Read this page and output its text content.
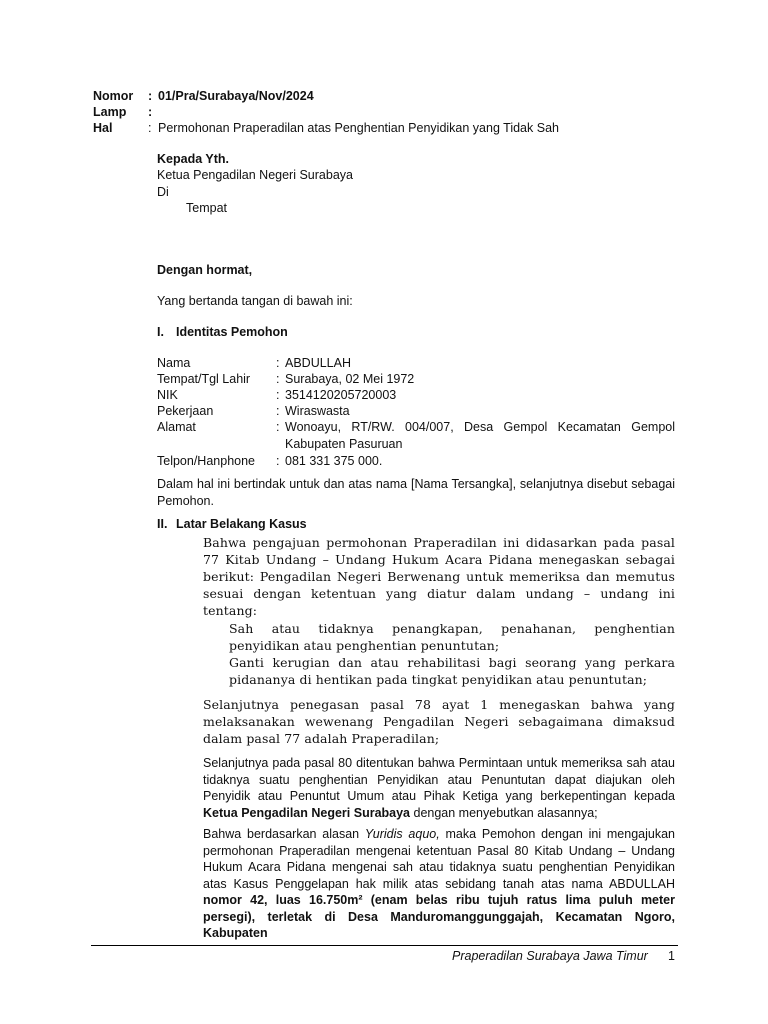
Nomor	: 01/Pra/Surabaya/Nov/2024
Lamp	:
Hal	: Permohonan Praperadilan atas Penghentian Penyidikan yang Tidak Sah
Kepada Yth.
Ketua Pengadilan Negeri Surabaya
Di
Tempat
Dengan hormat,
Yang bertanda tangan di bawah ini:
I. Identitas Pemohon
Nama	: ABDULLAH
Tempat/Tgl Lahir	: Surabaya, 02 Mei 1972
NIK	: 3514120205720003
Pekerjaan	: Wiraswasta
Alamat	: Wonoayu, RT/RW. 004/007, Desa Gempol Kecamatan Gempol Kabupaten Pasuruan
Telpon/Hanphone	: 081 331 375 000.
Dalam hal ini bertindak untuk dan atas nama [Nama Tersangka], selanjutnya disebut sebagai Pemohon.
II. Latar Belakang Kasus
Bahwa pengajuan permohonan Praperadilan ini didasarkan pada pasal 77 Kitab Undang – Undang Hukum Acara Pidana menegaskan sebagai berikut: Pengadilan Negeri Berwenang untuk memeriksa dan memutus sesuai dengan ketentuan yang diatur dalam undang – undang ini tentang:
Sah atau tidaknya penangkapan, penahanan, penghentian penyidikan atau penghentian penuntutan;
Ganti kerugian dan atau rehabilitasi bagi seorang yang perkara pidananya di hentikan pada tingkat penyidikan atau penuntutan;
Selanjutnya penegasan pasal 78 ayat 1 menegaskan bahwa yang melaksanakan wewenang Pengadilan Negeri sebagaimana dimaksud dalam pasal 77 adalah Praperadilan;
Selanjutnya pada pasal 80 ditentukan bahwa Permintaan untuk memeriksa sah atau tidaknya suatu penghentian Penyidikan atau Penuntutan dapat diajukan oleh Penyidik atau Penuntut Umum atau Pihak Ketiga yang berkepentingan kepada Ketua Pengadilan Negeri Surabaya dengan menyebutkan alasannya;
Bahwa berdasarkan alasan Yuridis aquo, maka Pemohon dengan ini mengajukan permohonan Praperadilan mengenai ketentuan Pasal 80 Kitab Undang – Undang Hukum Acara Pidana mengenai sah atau tidaknya suatu penghentian Penyidikan atas Kasus Penggelapan hak milik atas sebidang tanah atas nama ABDULLAH nomor 42, luas 16.750m² (enam belas ribu tujuh ratus lima puluh meter persegi), terletak di Desa Manduromanggunggajah, Kecamatan Ngoro, Kabupaten
Praperadilan Surabaya Jawa Timur 1
